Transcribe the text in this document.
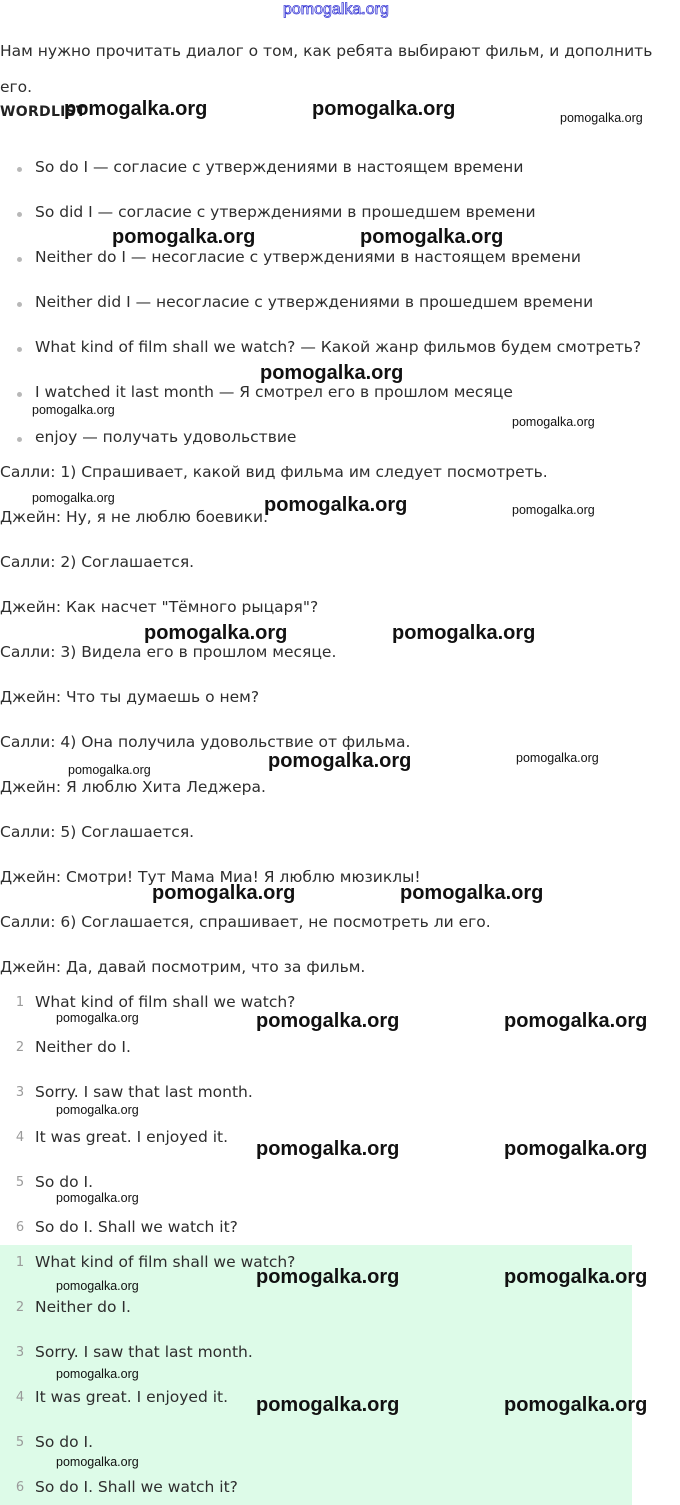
pomogalka.org
Нам нужно прочитать диалог о том, как ребята выбирают фильм, и дополнить его.
WORDLIST
So do I — согласие с утверждениями в настоящем времени
So did I — согласие с утверждениями в прошедшем времени
Neither do I — несогласие с утверждениями в настоящем времени
Neither did I — несогласие с утверждениями в прошедшем времени
What kind of film shall we watch? — Какой жанр фильмов будем смотреть?
I watched it last month — Я смотрел его в прошлом месяце
enjoy — получать удовольствие
Салли: 1) Спрашивает, какой вид фильма им следует посмотреть.
Джейн: Ну, я не люблю боевики.
Салли: 2) Соглашается.
Джейн: Как насчет "Тёмного рыцаря"?
Салли: 3) Видела его в прошлом месяце.
Джейн: Что ты думаешь о нем?
Салли: 4) Она получила удовольствие от фильма.
Джейн: Я люблю Хита Леджера.
Салли: 5) Соглашается.
Джейн: Смотри! Тут Мама Миа! Я люблю мюзиклы!
Салли: 6) Соглашается, спрашивает, не посмотреть ли его.
Джейн: Да, давай посмотрим, что за фильм.
1 What kind of film shall we watch?
2 Neither do I.
3 Sorry. I saw that last month.
4 It was great. I enjoyed it.
5 So do I.
6 So do I. Shall we watch it?
1 What kind of film shall we watch?
2 Neither do I.
3 Sorry. I saw that last month.
4 It was great. I enjoyed it.
5 So do I.
6 So do I. Shall we watch it?
pomogalka.org	pomogalka.org
pomogalka.org	pomogalka.org
pomogalka.org
pomogalka.org
pomogalka.org	pomogalka.org
pomogalka.org
pomogalka.org	pomogalka.org
pomogalka.org	pomogalka.org
pomogalka.org	pomogalka.org
pomogalka.org	pomogalka.org
pomogalka.org	pomogalka.org
pomogalka.org
pomogalka.org
pomogalka.org
pomogalka.org
pomogalka.org
pomogalka.org
pomogalka.org
pomogalka.org
pomogalka.org
pomogalka.org
pomogalka.org
pomogalka.org
pomogalka.org
